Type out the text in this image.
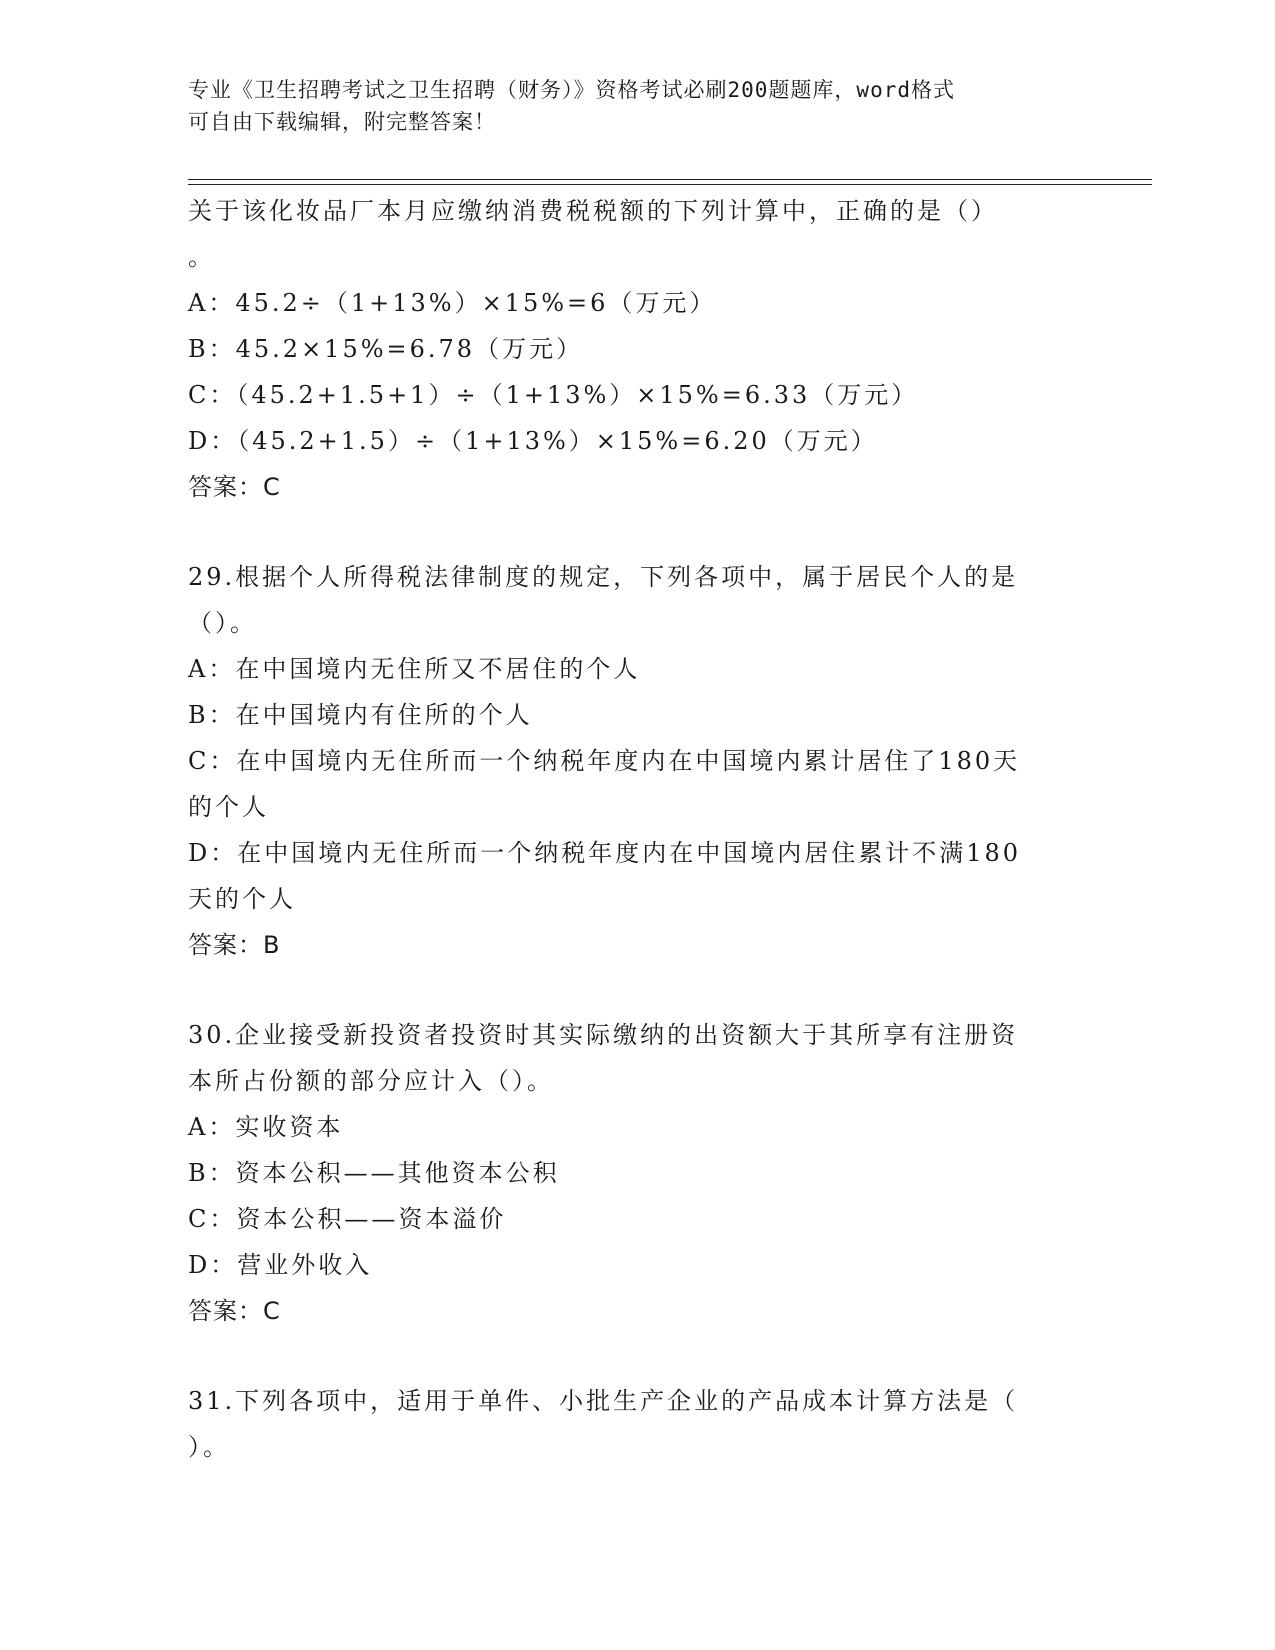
专业《卫生招聘考试之卫生招聘（财务）》资格考试必刷200题题库，word格式
可自由下载编辑，附完整答案！
关于该化妆品厂本月应缴纳消费税税额的下列计算中，正确的是（）
。
A：45.2÷（1+13%）×15%=6（万元）
B：45.2×15%=6.78（万元）
C：（45.2+1.5+1）÷（1+13%）×15%=6.33（万元）
D：（45.2+1.5）÷（1+13%）×15%=6.20（万元）
答案：C
29.根据个人所得税法律制度的规定，下列各项中，属于居民个人的是
（）。
A：在中国境内无住所又不居住的个人
B：在中国境内有住所的个人
C：在中国境内无住所而一个纳税年度内在中国境内累计居住了180天
的个人
D：在中国境内无住所而一个纳税年度内在中国境内居住累计不满180
天的个人
答案：B
30.企业接受新投资者投资时其实际缴纳的出资额大于其所享有注册资
本所占份额的部分应计入（）。
A：实收资本
B：资本公积——其他资本公积
C：资本公积——资本溢价
D：营业外收入
答案：C
31.下列各项中，适用于单件、小批生产企业的产品成本计算方法是（
）。
